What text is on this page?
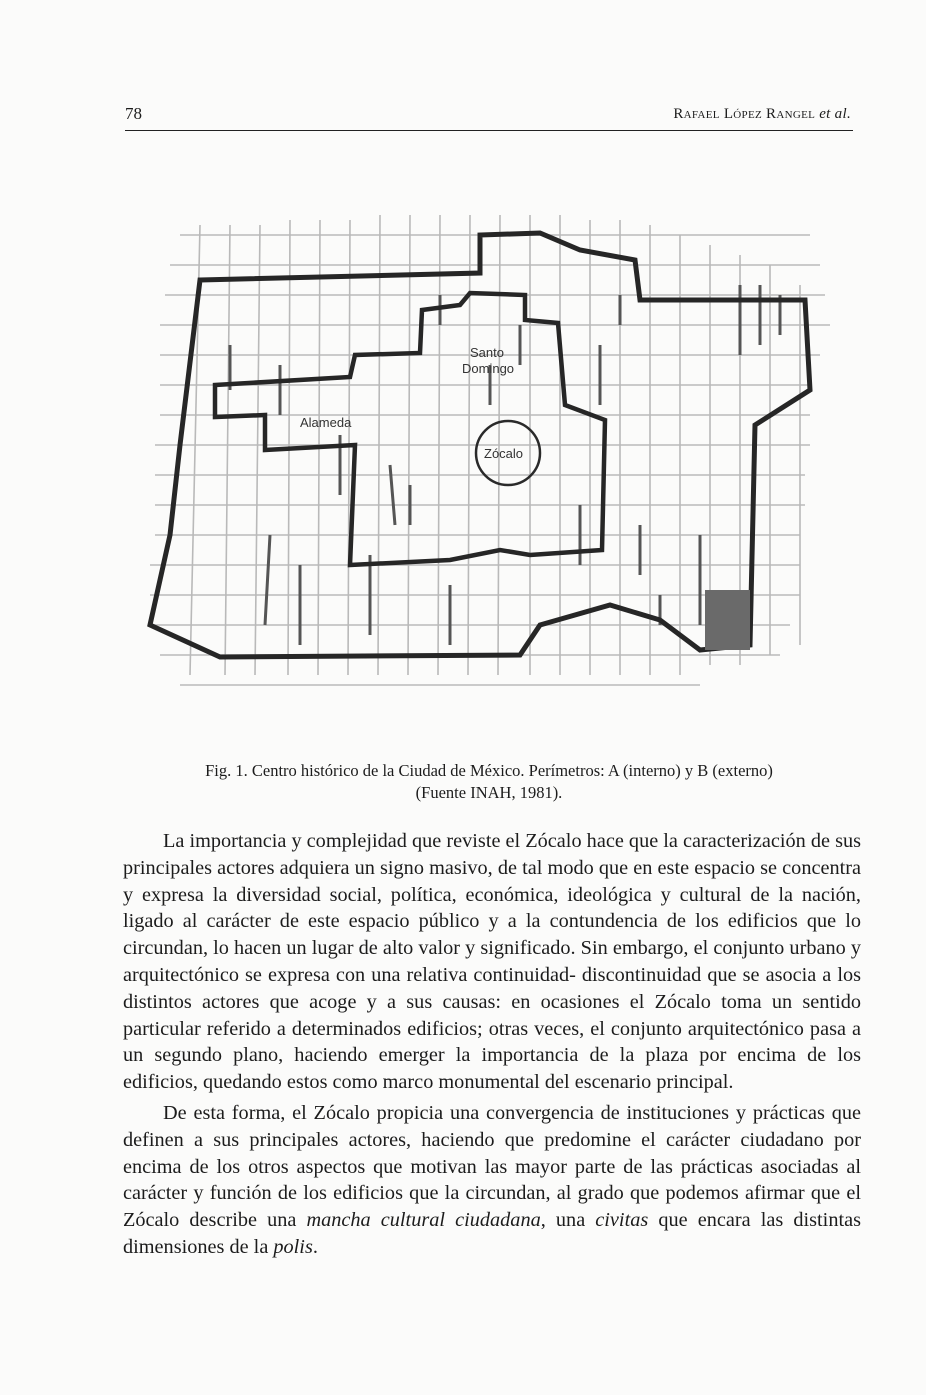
78	Rafael López Rangel et al.
Santo
Domingo
Alameda
Zócalo
Fig. 1. Centro histórico de la Ciudad de México. Perímetros: A (interno) y B (externo)
(Fuente INAH, 1981).

La importancia y complejidad que reviste el Zócalo hace que la caracterización de sus principales actores adquiera un signo masivo, de tal modo que en este espacio se concentra y expresa la diversidad social, política, económica, ideológica y cultural de la nación, ligado al carácter de este espacio público y a la contundencia de los edificios que lo circundan, lo hacen un lugar de alto valor y significado. Sin embargo, el conjunto urbano y arquitectónico se expresa con una relativa continuidad- discontinuidad que se asocia a los distintos actores que acoge y a sus causas: en ocasiones el Zócalo toma un sentido particular referido a determinados edificios; otras veces, el conjunto arquitectónico pasa a un segundo plano, haciendo emerger la importancia de la plaza por encima de los edificios, quedando estos como marco monumental del escenario principal.

De esta forma, el Zócalo propicia una convergencia de instituciones y prácticas que definen a sus principales actores, haciendo que predomine el carácter ciudadano por encima de los otros aspectos que motivan las mayor parte de las prácticas asociadas al carácter y función de los edificios que la circundan, al grado que podemos afirmar que el Zócalo describe una mancha cultural ciudadana, una civitas que encara las distintas dimensiones de la polis.
